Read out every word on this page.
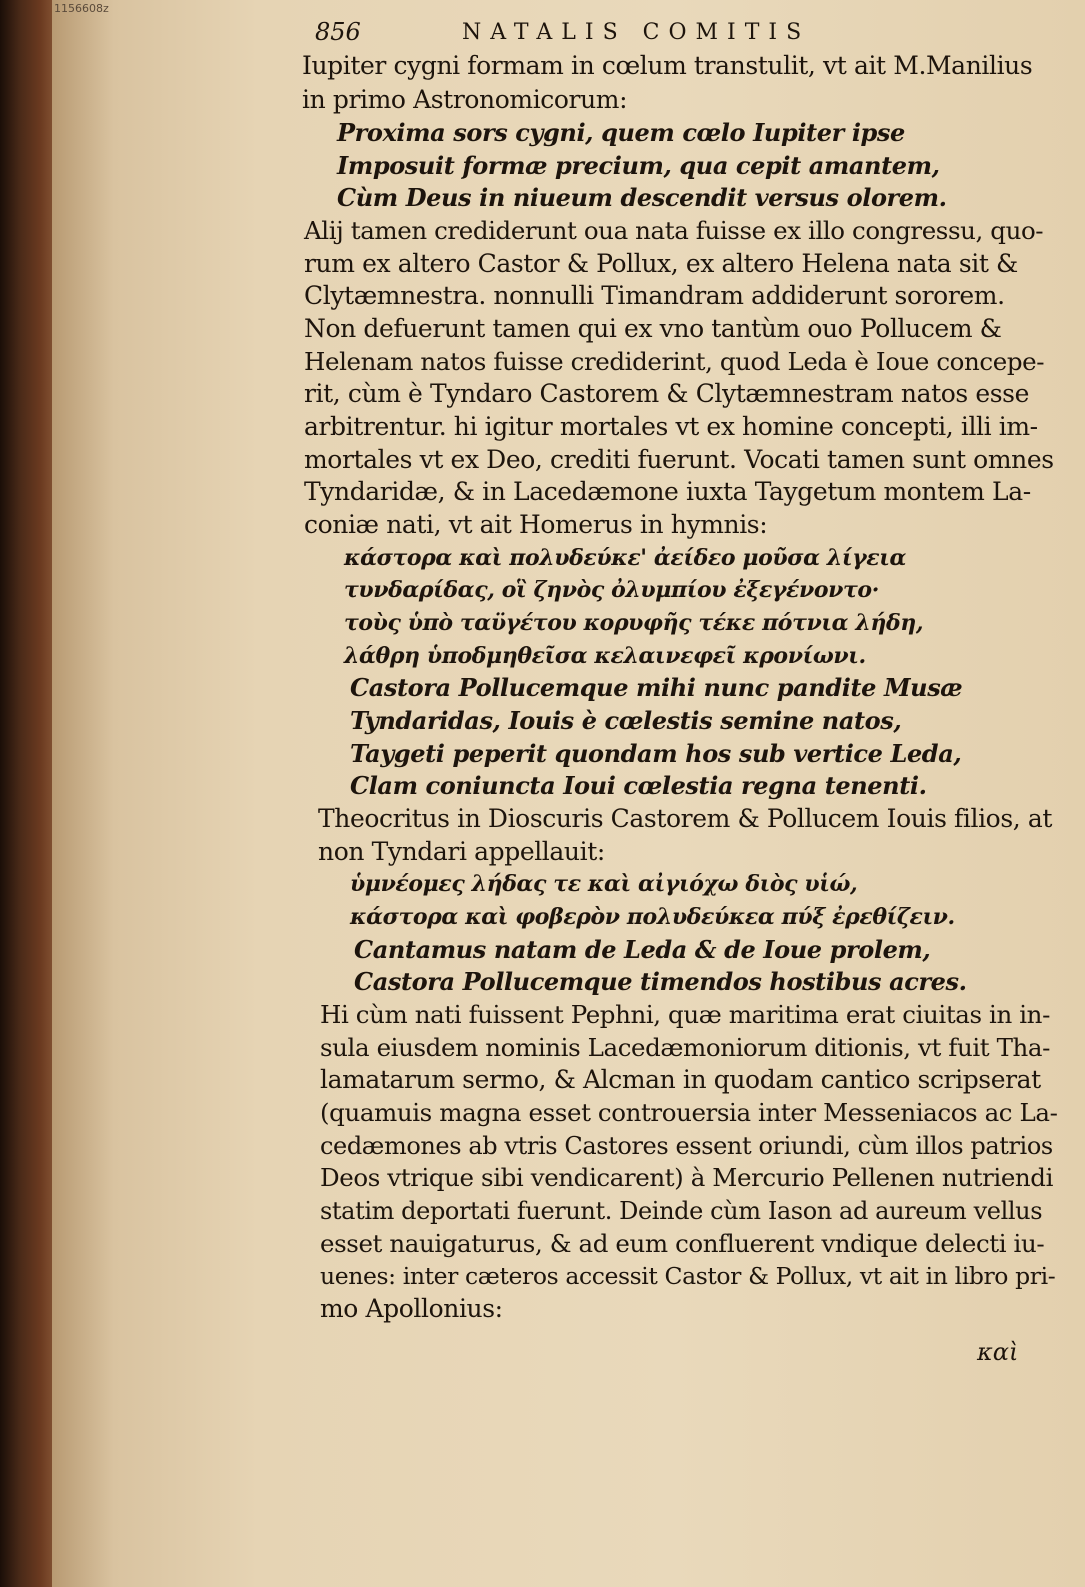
1156608z
856	NATALIS COMITIS
Iupiter cygni formam in cœlum transtulit, vt ait M.Manilius
in primo Astronomicorum:
Proxima sors cygni, quem cœlo Iupiter ipse
Imposuit formæ precium, qua cepit amantem,
Cùm Deus in niueum descendit versus olorem.
Alij tamen crediderunt oua nata fuisse ex illo congressu, quo-
rum ex altero Castor & Pollux, ex altero Helena nata sit &
Clytæmnestra. nonnulli Timandram addiderunt sororem.
Non defuerunt tamen qui ex vno tantùm ouo Pollucem &
Helenam natos fuisse crediderint, quod Leda è Ioue concepe-
rit, cùm è Tyndaro Castorem & Clytæmnestram natos esse
arbitrentur. hi igitur mortales vt ex homine concepti, illi im-
mortales vt ex Deo, crediti fuerunt. Vocati tamen sunt omnes
Tyndaridæ, & in Lacedæmone iuxta Taygetum montem La-
coniæ nati, vt ait Homerus in hymnis:
κάστορα καὶ πολυδεύκε' ἀείδεο μοῦσα λίγεια
τυνδαρίδας, οἳ ζηνὸς ὀλυμπίου ἐξεγένοντο·
τοὺς ὑπὸ ταϋγέτου κορυφῆς τέκε πότνια λήδη,
λάθρη ὑποδμηθεῖσα κελαινεφεῖ κρονίωνι.
Castora Pollucemque mihi nunc pandite Musæ
Tyndaridas, Iouis è cœlestis semine natos,
Taygeti peperit quondam hos sub vertice Leda,
Clam coniuncta Ioui cœlestia regna tenenti.
Theocritus in Dioscuris Castorem & Pollucem Iouis filios, at
non Tyndari appellauit:
ὑμνέομες λήδας τε καὶ αἰγιόχω διὸς υἱώ,
κάστορα καὶ φοβερὸν πολυδεύκεα πύξ ἐρεθίζειν.
Cantamus natam de Leda & de Ioue prolem,
Castora Pollucemque timendos hostibus acres.
Hi cùm nati fuissent Pephni, quæ maritima erat ciuitas in in-
sula eiusdem nominis Lacedæmoniorum ditionis, vt fuit Tha-
lamatarum sermo, & Alcman in quodam cantico scripserat
(quamuis magna esset controuersia inter Messeniacos ac La-
cedæmones ab vtris Castores essent oriundi, cùm illos patrios
Deos vtrique sibi vendicarent) à Mercurio Pellenen nutriendi
statim deportati fuerunt. Deinde cùm Iason ad aureum vellus
esset nauigaturus, & ad eum confluerent vndique delecti iu-
uenes: inter cæteros accessit Castor & Pollux, vt ait in libro pri-
mo Apollonius:
καὶ
